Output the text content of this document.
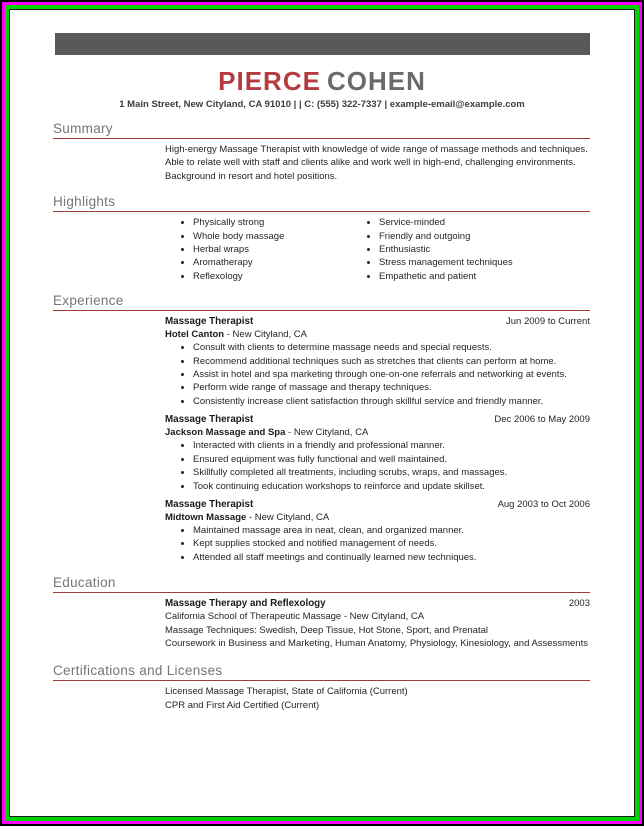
PIERCE COHEN
1 Main Street, New Cityland, CA 91010 | | C: (555) 322-7337 | example-email@example.com
Summary
High-energy Massage Therapist with knowledge of wide range of massage methods and techniques. Able to relate well with staff and clients alike and work well in high-end, challenging environments. Background in resort and hotel positions.
Highlights
• Physically strong
• Whole body massage
• Herbal wraps
• Aromatherapy
• Reflexology
• Service-minded
• Friendly and outgoing
• Enthusiastic
• Stress management techniques
• Empathetic and patient
Experience
Massage Therapist	Jun 2009 to Current
Hotel Canton - New Cityland, CA
• Consult with clients to determine massage needs and special requests.
• Recommend additional techniques such as stretches that clients can perform at home.
• Assist in hotel and spa marketing through one-on-one referrals and networking at events.
• Perform wide range of massage and therapy techniques.
• Consistently increase client satisfaction through skillful service and friendly manner.
Massage Therapist	Dec 2006 to May 2009
Jackson Massage and Spa - New Cityland, CA
• Interacted with clients in a friendly and professional manner.
• Ensured equipment was fully functional and well maintained.
• Skillfully completed all treatments, including scrubs, wraps, and massages.
• Took continuing education workshops to reinforce and update skillset.
Massage Therapist	Aug 2003 to Oct 2006
Midtown Massage - New Cityland, CA
• Maintained massage area in neat, clean, and organized manner.
• Kept supplies stocked and notified management of needs.
• Attended all staff meetings and continually learned new techniques.
Education
Massage Therapy and Reflexology	2003
California School of Therapeutic Massage - New Cityland, CA
Massage Techniques: Swedish, Deep Tissue, Hot Stone, Sport, and Prenatal
Coursework in Business and Marketing, Human Anatomy, Physiology, Kinesiology, and Assessments
Certifications and Licenses
Licensed Massage Therapist, State of California (Current)
CPR and First Aid Certified (Current)
